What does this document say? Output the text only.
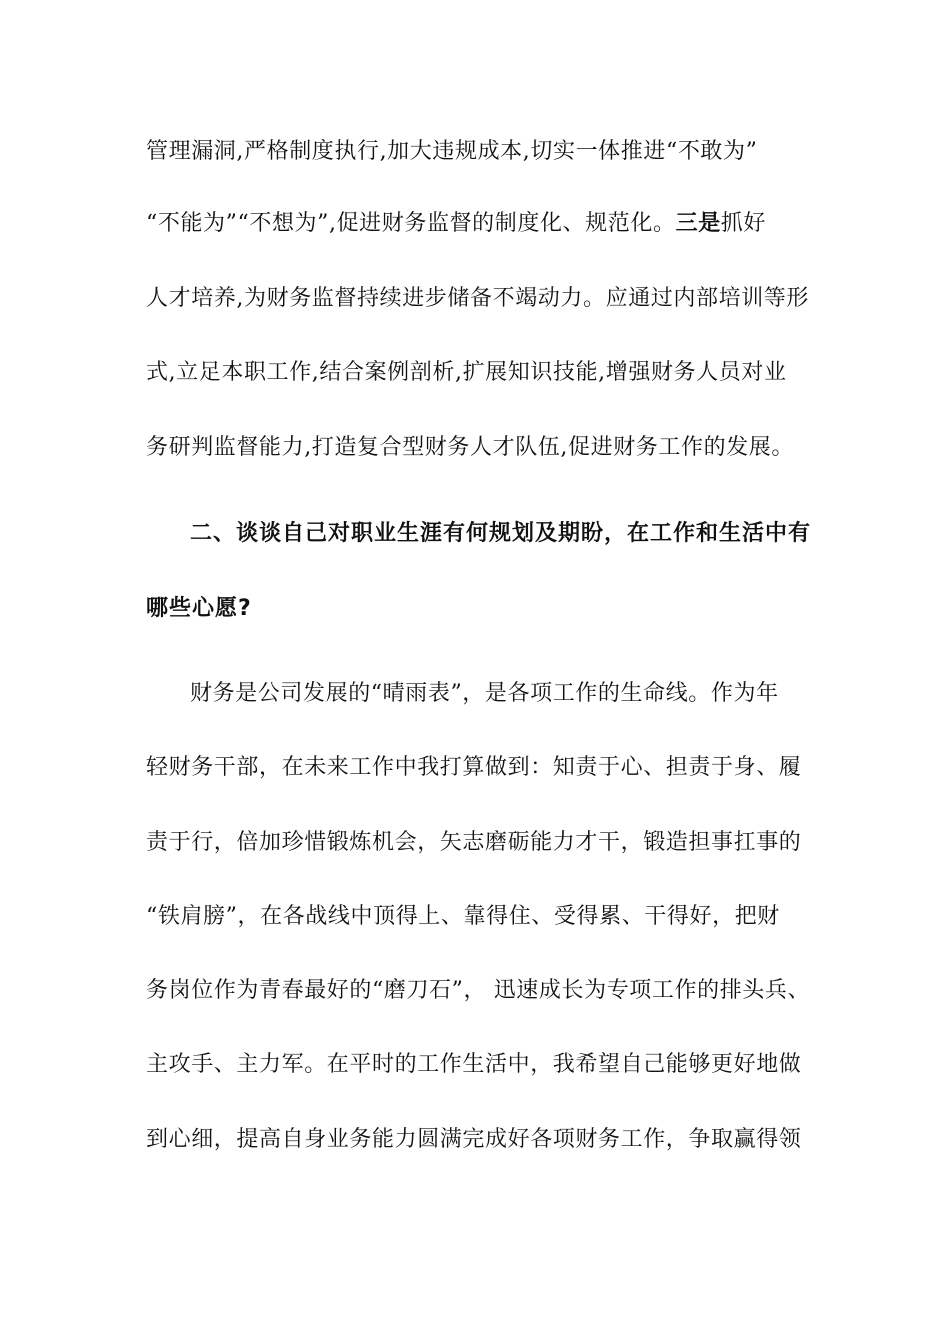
管理漏洞,严格制度执行,加大违规成本,切实一体推进“不敢为”
“不能为”“不想为”,促进财务监督的制度化、规范化。三是抓好
人才培养,为财务监督持续进步储备不竭动力。应通过内部培训等形
式,立足本职工作,结合案例剖析,扩展知识技能,增强财务人员对业
务研判监督能力,打造复合型财务人才队伍,促进财务工作的发展。
二、谈谈自己对职业生涯有何规划及期盼，在工作和生活中有
哪些心愿?
财务是公司发展的“晴雨表”，是各项工作的生命线。作为年
轻财务干部，在未来工作中我打算做到：知责于心、担责于身、履
责于行，倍加珍惜锻炼机会，矢志磨砺能力才干，锻造担事扛事的
“铁肩膀”，在各战线中顶得上、靠得住、受得累、干得好，把财
务岗位作为青春最好的“磨刀石”， 迅速成长为专项工作的排头兵、
主攻手、主力军。在平时的工作生活中，我希望自己能够更好地做
到心细，提高自身业务能力圆满完成好各项财务工作，争取赢得领
